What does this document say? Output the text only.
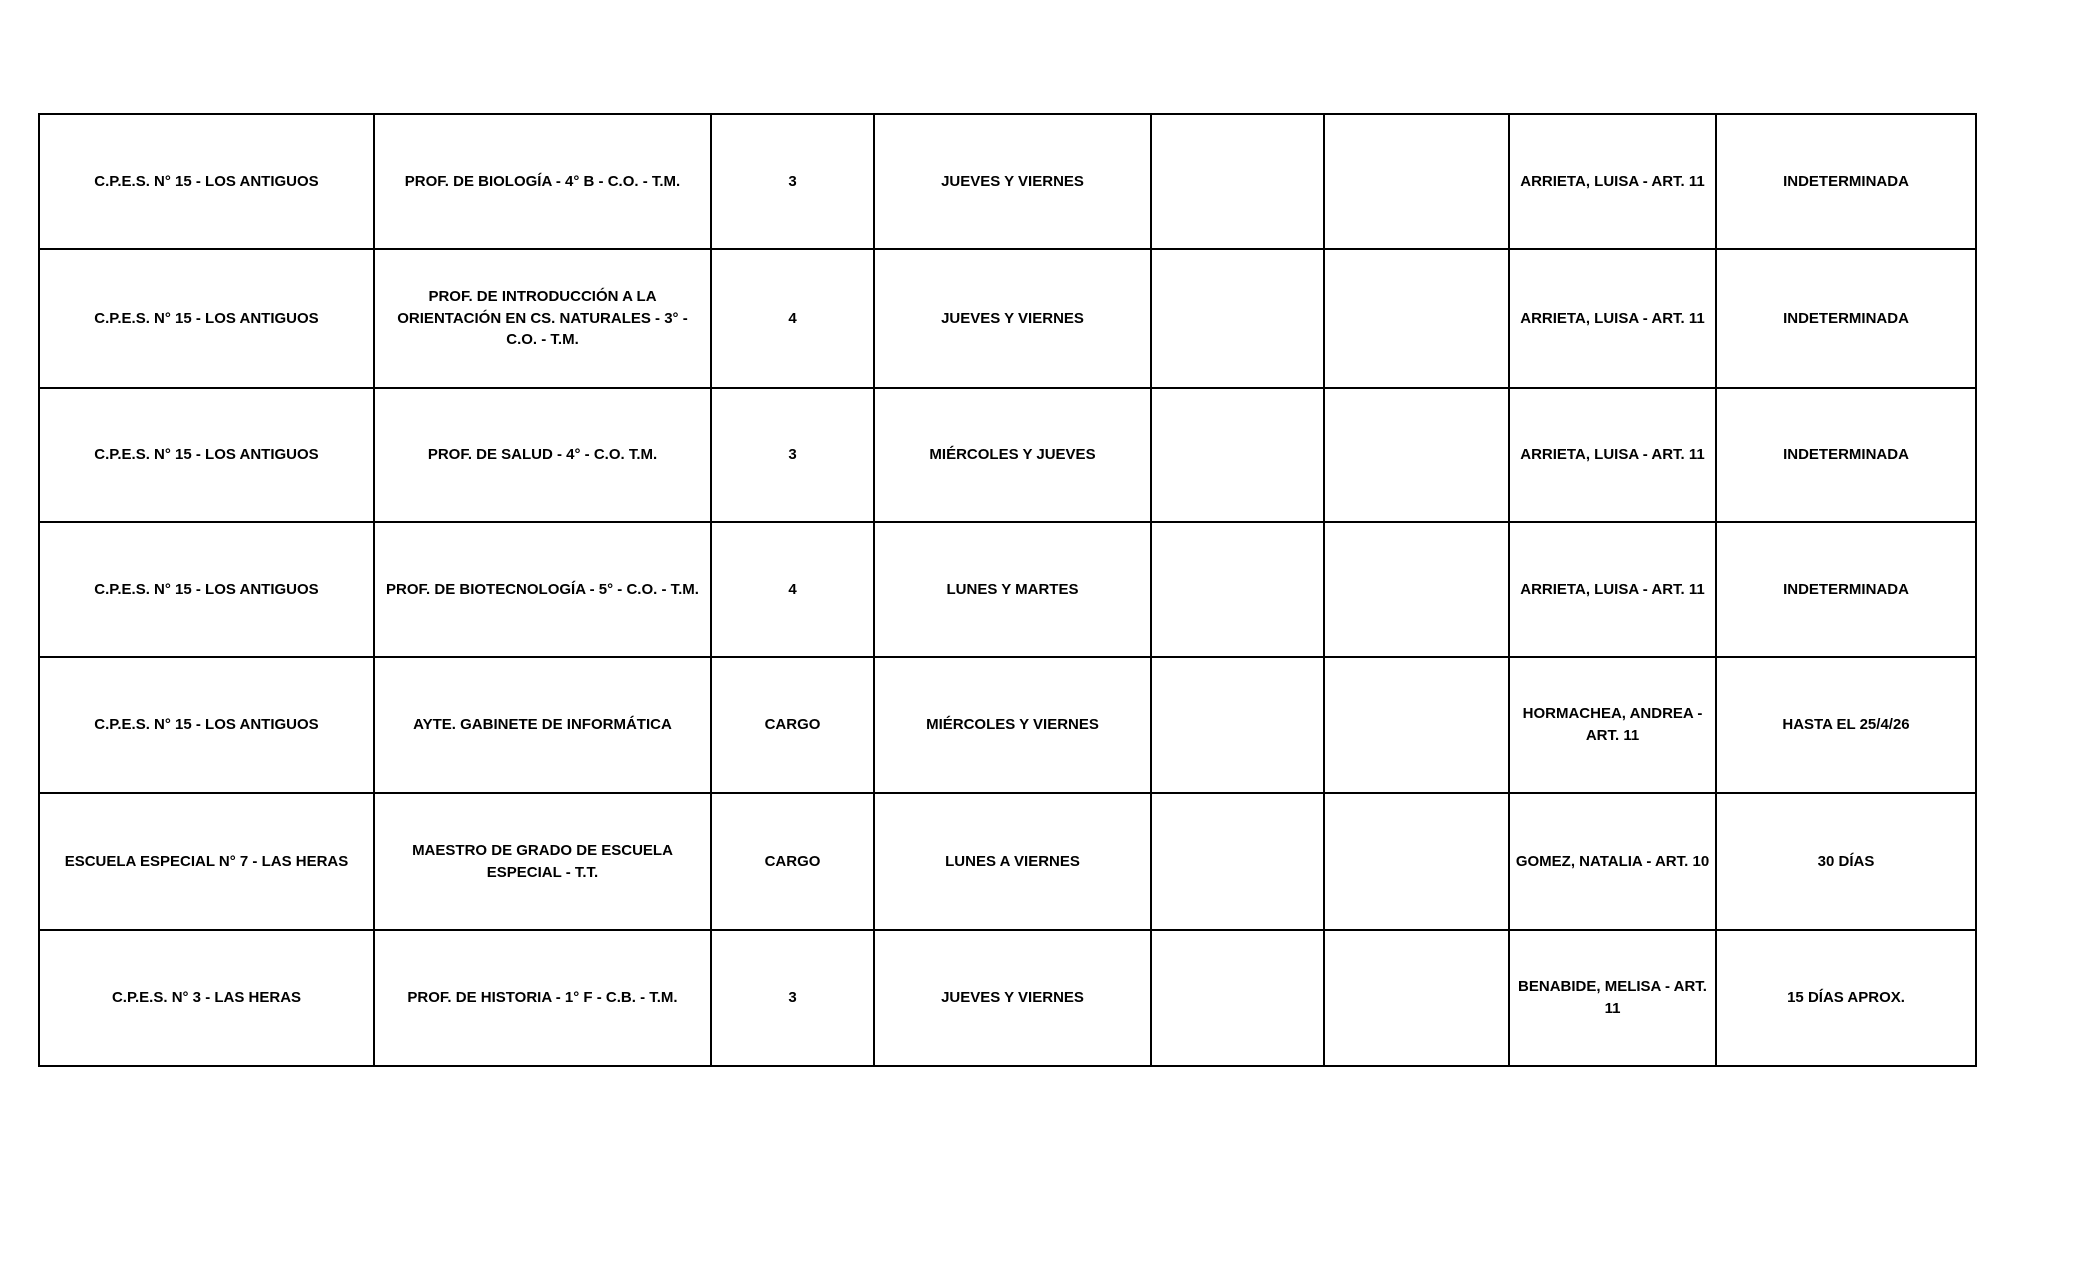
C.P.E.S. N° 15 - LOS ANTIGUOS	PROF. DE BIOLOGÍA - 4° B - C.O. - T.M.	3	JUEVES Y VIERNES			ARRIETA, LUISA - ART. 11	INDETERMINADA
C.P.E.S. N° 15 - LOS ANTIGUOS	PROF. DE INTRODUCCIÓN A LA ORIENTACIÓN EN CS. NATURALES - 3° - C.O. - T.M.	4	JUEVES Y VIERNES			ARRIETA, LUISA - ART. 11	INDETERMINADA
C.P.E.S. N° 15 - LOS ANTIGUOS	PROF. DE SALUD - 4° - C.O. T.M.	3	MIÉRCOLES Y JUEVES			ARRIETA, LUISA - ART. 11	INDETERMINADA
C.P.E.S. N° 15 - LOS ANTIGUOS	PROF. DE BIOTECNOLOGÍA - 5° - C.O. - T.M.	4	LUNES Y MARTES			ARRIETA, LUISA - ART. 11	INDETERMINADA
C.P.E.S. N° 15 - LOS ANTIGUOS	AYTE. GABINETE DE INFORMÁTICA	CARGO	MIÉRCOLES Y VIERNES			HORMACHEA, ANDREA - ART. 11	HASTA EL 25/4/26
ESCUELA ESPECIAL N° 7 - LAS HERAS	MAESTRO DE GRADO DE ESCUELA ESPECIAL - T.T.	CARGO	LUNES A VIERNES			GOMEZ, NATALIA - ART. 10	30 DÍAS
C.P.E.S. N° 3 - LAS HERAS	PROF. DE HISTORIA - 1° F - C.B. - T.M.	3	JUEVES Y VIERNES			BENABIDE, MELISA - ART. 11	15 DÍAS APROX.
